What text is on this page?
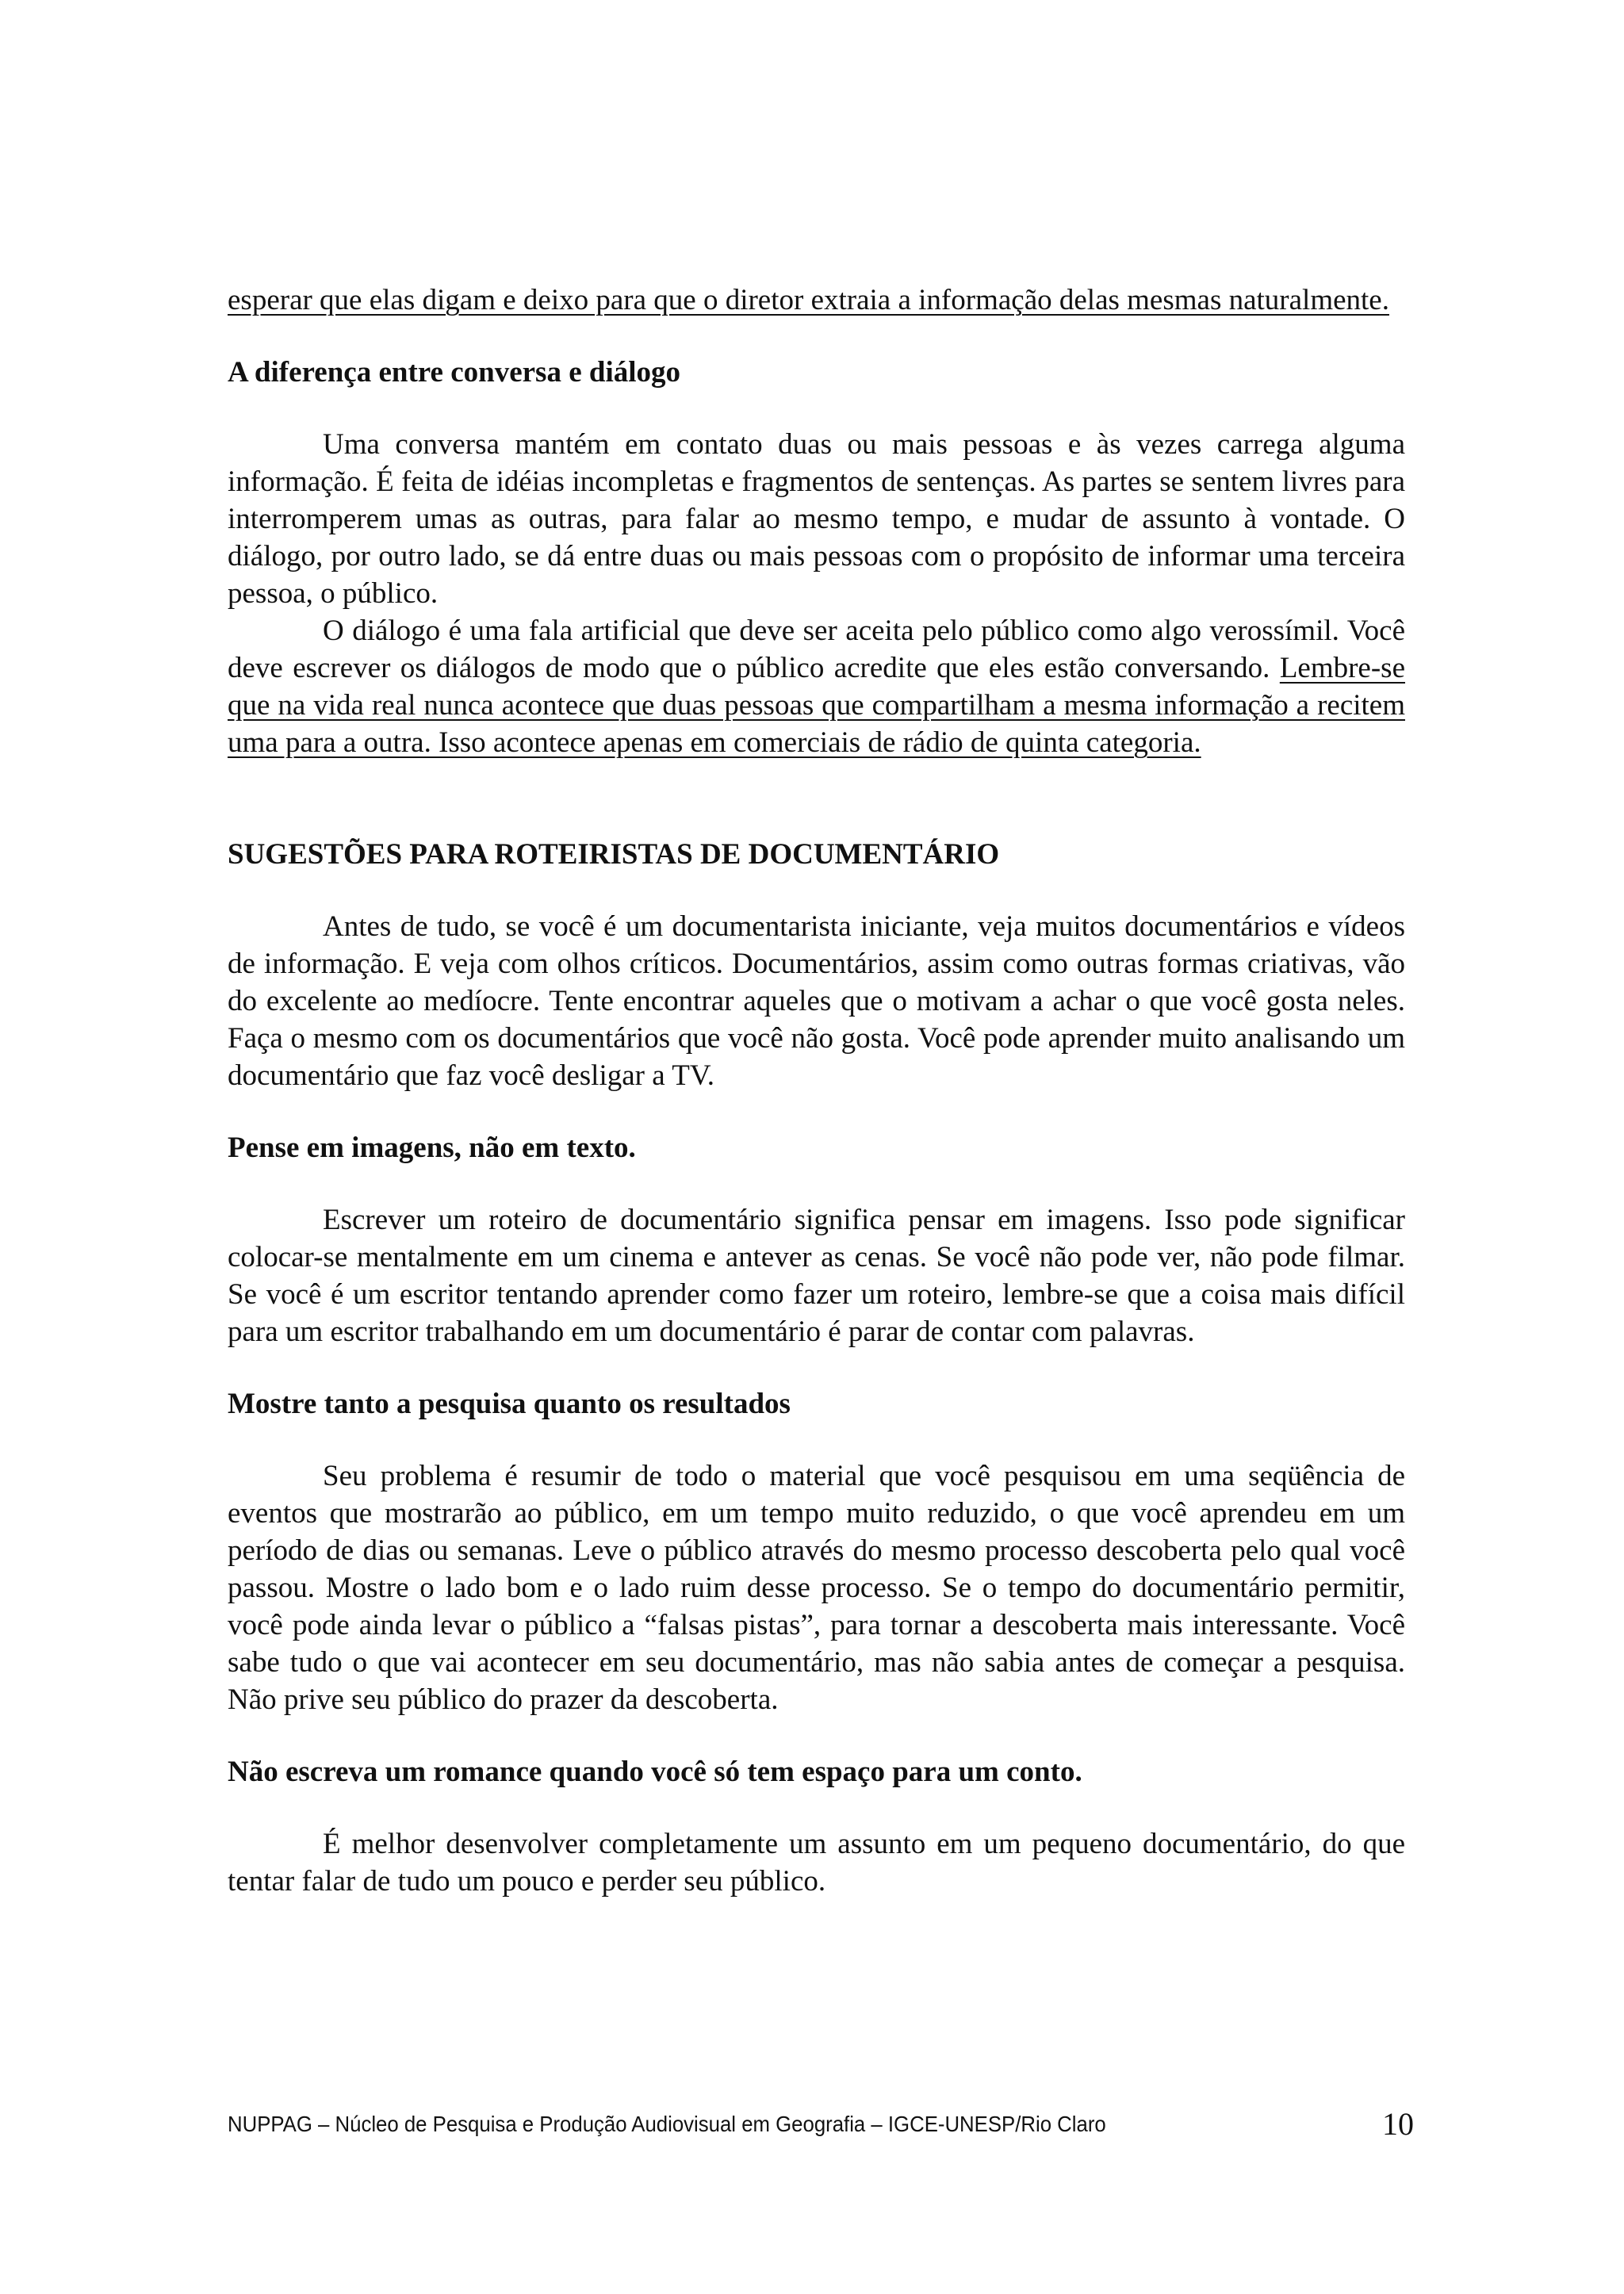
esperar que elas digam e deixo para que o diretor extraia a informação delas mesmas naturalmente.

A diferença entre conversa e diálogo

Uma conversa mantém em contato duas ou mais pessoas e às vezes carrega alguma informação. É feita de idéias incompletas e fragmentos de sentenças. As partes se sentem livres para interromperem umas as outras, para falar ao mesmo tempo, e mudar de assunto à vontade. O diálogo, por outro lado, se dá entre duas ou mais pessoas com o propósito de informar uma terceira pessoa, o público.

O diálogo é uma fala artificial que deve ser aceita pelo público como algo verossímil. Você deve escrever os diálogos de modo que o público acredite que eles estão conversando. Lembre-se que na vida real nunca acontece que duas pessoas que compartilham a mesma informação a recitem uma para a outra. Isso acontece apenas em comerciais de rádio de quinta categoria.

SUGESTÕES PARA ROTEIRISTAS DE DOCUMENTÁRIO

Antes de tudo, se você é um documentarista iniciante, veja muitos documentários e vídeos de informação. E veja com olhos críticos. Documentários, assim como outras formas criativas, vão do excelente ao medíocre. Tente encontrar aqueles que o motivam a achar o que você gosta neles. Faça o mesmo com os documentários que você não gosta. Você pode aprender muito analisando um documentário que faz você desligar a TV.

Pense em imagens, não em texto.

Escrever um roteiro de documentário significa pensar em imagens. Isso pode significar colocar-se mentalmente em um cinema e antever as cenas. Se você não pode ver, não pode filmar. Se você é um escritor tentando aprender como fazer um roteiro, lembre-se que a coisa mais difícil para um escritor trabalhando em um documentário é parar de contar com palavras.

Mostre tanto a pesquisa quanto os resultados

Seu problema é resumir de todo o material que você pesquisou em uma seqüência de eventos que mostrarão ao público, em um tempo muito reduzido, o que você aprendeu em um período de dias ou semanas. Leve o público através do mesmo processo descoberta pelo qual você passou. Mostre o lado bom e o lado ruim desse processo. Se o tempo do documentário permitir, você pode ainda levar o público a “falsas pistas”, para tornar a descoberta mais interessante. Você sabe tudo o que vai acontecer em seu documentário, mas não sabia antes de começar a pesquisa. Não prive seu público do prazer da descoberta.

Não escreva um romance quando você só tem espaço para um conto.

É melhor desenvolver completamente um assunto em um pequeno documentário, do que tentar falar de tudo um pouco e perder seu público.

NUPPAG – Núcleo de Pesquisa e Produção Audiovisual em Geografia – IGCE-UNESP/Rio Claro	10
